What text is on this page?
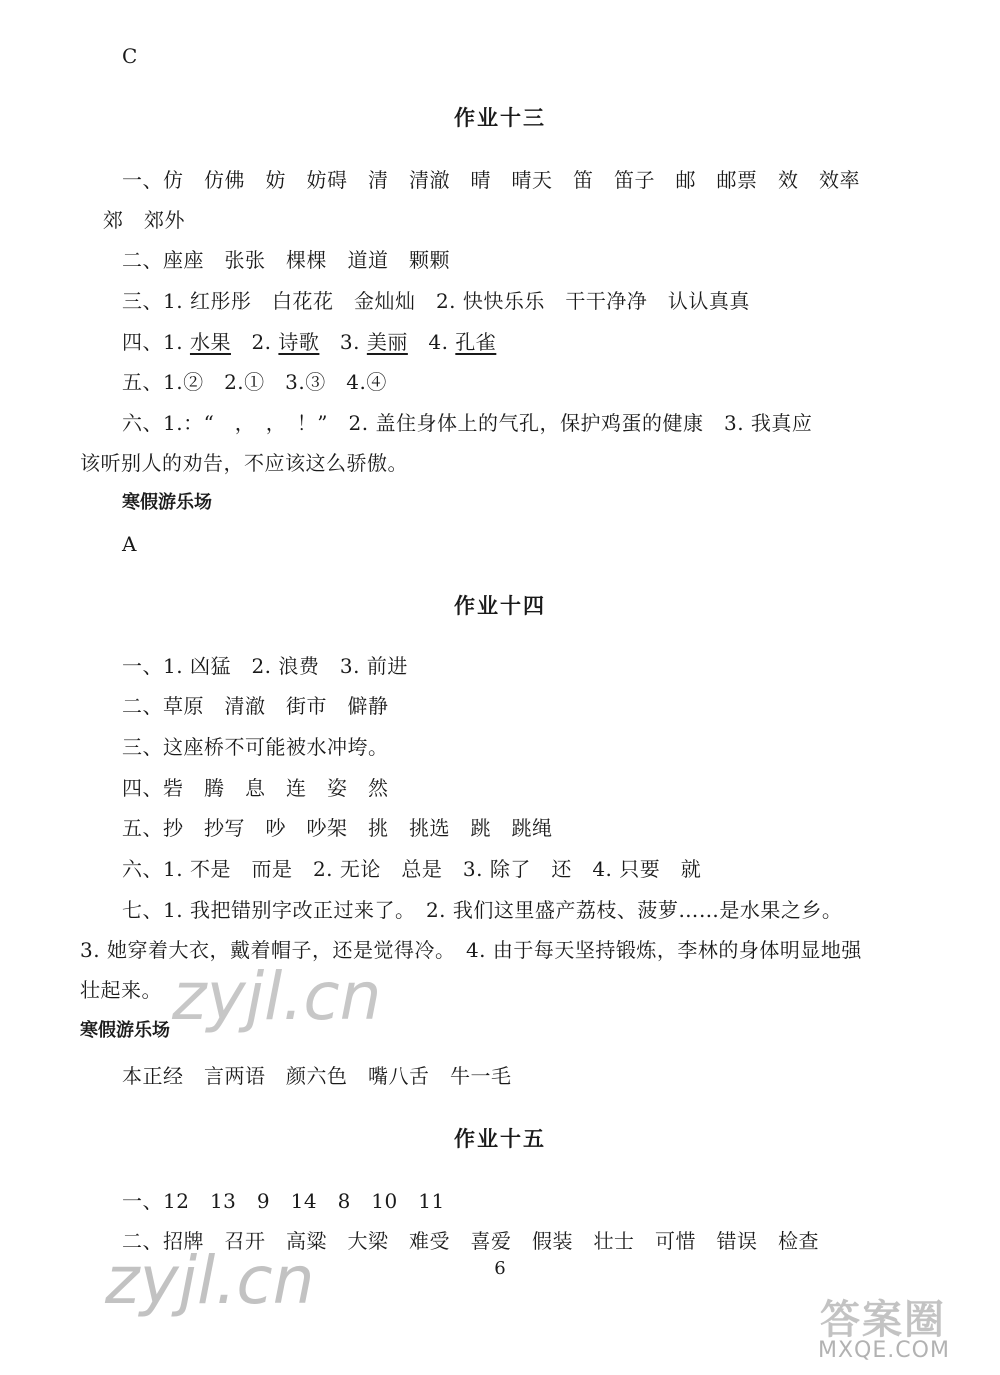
C
作业十三
一、仿　仿佛　妨　妨碍　清　清澈　晴　晴天　笛　笛子　邮　邮票　效　效率
郊　郊外
二、座座　张张　棵棵　道道　颗颗
三、1. 红彤彤　白花花　金灿灿　2. 快快乐乐　干干净净　认认真真
四、1. 水果　2. 诗歌　3. 美丽　4. 孔雀
五、1.②　2.①　3.③　4.④
六、1.：“　，　，　！”　2. 盖住身体上的气孔，保护鸡蛋的健康　3. 我真应
该听别人的劝告，不应该这么骄傲。
寒假游乐场
A
作业十四
一、1. 凶猛　2. 浪费　3. 前进
二、草原　清澈　街市　僻静
三、这座桥不可能被水冲垮。
四、砦　腾　息　连　姿　然
五、抄　抄写　吵　吵架　挑　挑选　跳　跳绳
六、1. 不是　而是　2. 无论　总是　3. 除了　还　4. 只要　就
七、1. 我把错别字改正过来了。　2. 我们这里盛产荔枝、菠萝……是水果之乡。
3. 她穿着大衣，戴着帽子，还是觉得冷。　4. 由于每天坚持锻炼，李林的身体明显地强
壮起来。
寒假游乐场
本正经　言两语　颜六色　嘴八舌　牛一毛
作业十五
一、12　13　9　14　8　10　11
二、招牌　召开　高粱　大梁　难受　喜爱　假装　壮士　可惜　错误　检查
6
zyjl.cn
zyjl.cn
答案圈
MXQE.COM
